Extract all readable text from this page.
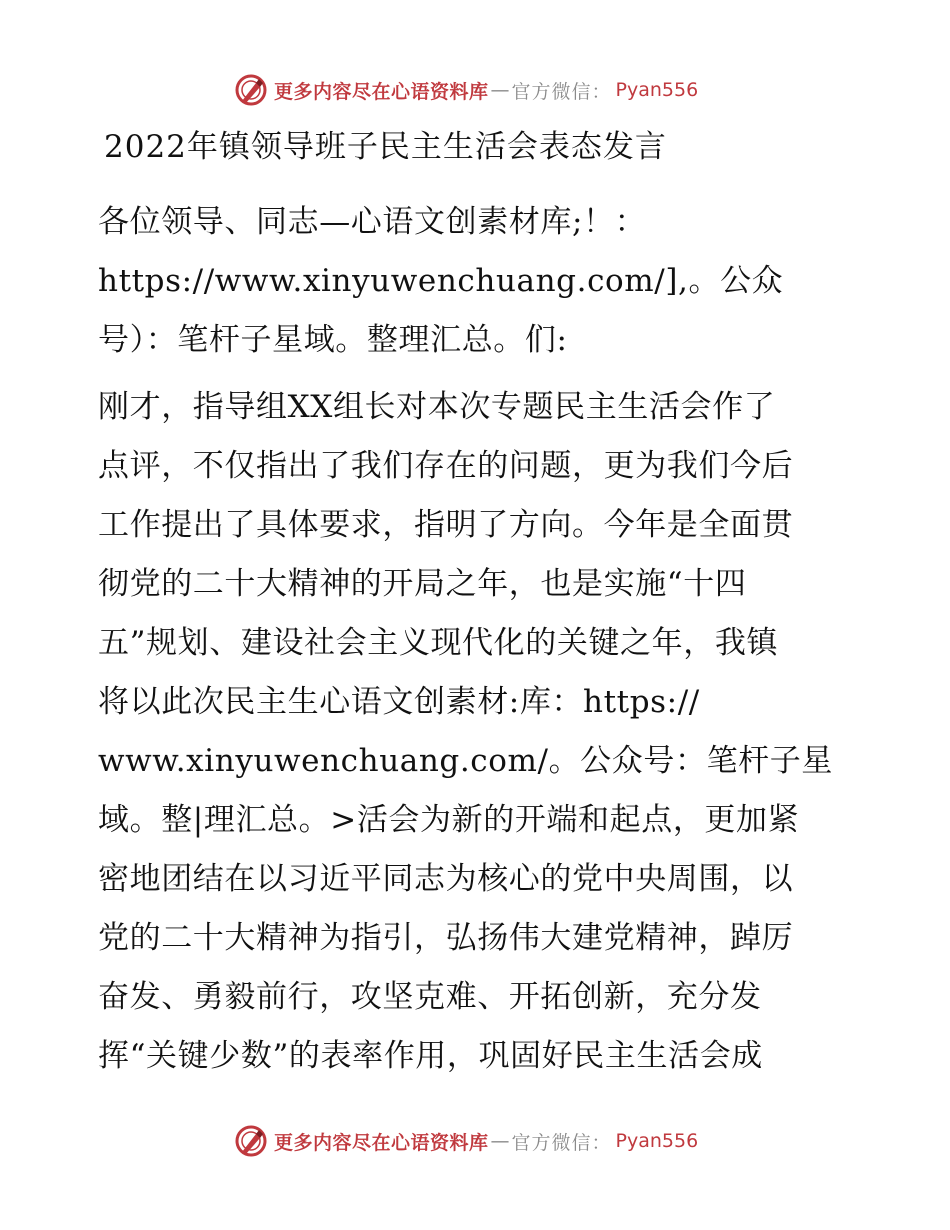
更多内容尽在心语资料库 — 官方微信： Pyan556
2022年镇领导班子民主生活会表态发言

各位领导、同志—心语文创素材库;！：
https://www.xinyuwenchuang.com/],。公众
号）：笔杆子星域。整理汇总。们:

刚才，指导组XX组长对本次专题民主生活会作了
点评，不仅指出了我们存在的问题，更为我们今后
工作提出了具体要求，指明了方向。今年是全面贯
彻党的二十大精神的开局之年，也是实施“十四
五”规划、建设社会主义现代化的关键之年，我镇
将以此次民主生心语文创素材:库：https://
www.xinyuwenchuang.com/。公众号：笔杆子星
域。整|理汇总。>活会为新的开端和起点，更加紧
密地团结在以习近平同志为核心的党中央周围，以
党的二十大精神为指引，弘扬伟大建党精神，踔厉
奋发、勇毅前行，攻坚克难、开拓创新，充分发
挥“关键少数”的表率作用，巩固好民主生活会成

更多内容尽在心语资料库 — 官方微信： Pyan556
